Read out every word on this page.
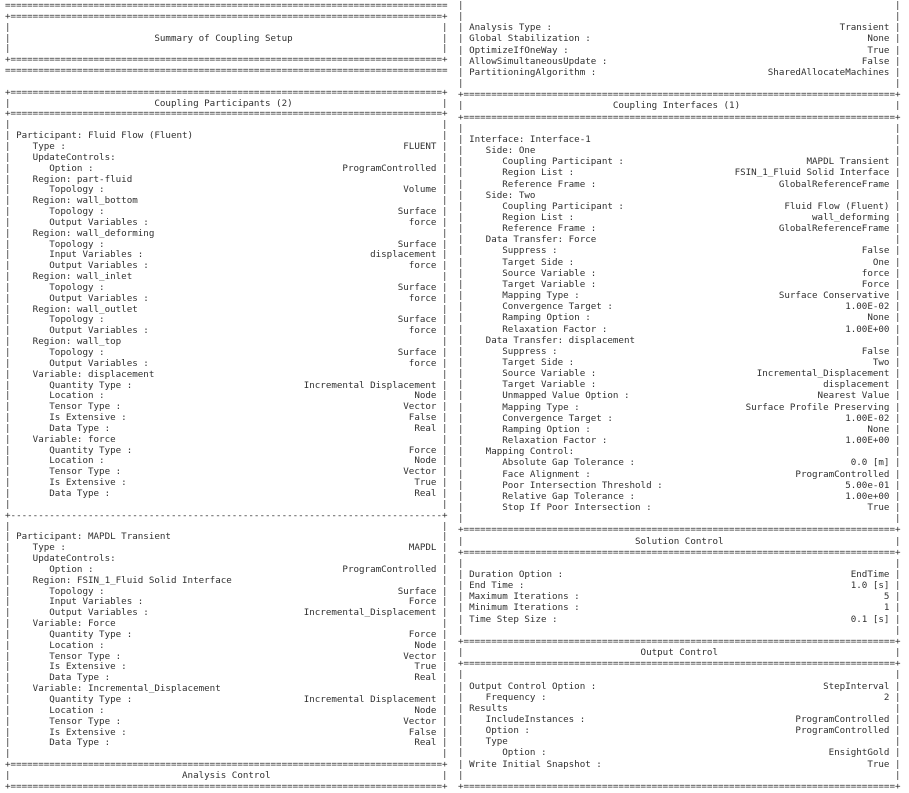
================================================================================
+==============================================================================+
|                                                                              |
|                          Summary of Coupling Setup                           |
|                                                                              |
+==============================================================================+
================================================================================

+==============================================================================+
|                          Coupling Participants (2)                           |
+==============================================================================+
|                                                                              |
| Participant: Fluid Flow (Fluent)                                             |
|    Type :                                                             FLUENT |
|    UpdateControls:                                                           |
|       Option :                                             ProgramControlled |
|    Region: part-fluid                                                        |
|       Topology :                                                      Volume |
|    Region: wall_bottom                                                       |
|       Topology :                                                     Surface |
|       Output Variables :                                               force |
|    Region: wall_deforming                                                    |
|       Topology :                                                     Surface |
|       Input Variables :                                         displacement |
|       Output Variables :                                               force |
|    Region: wall_inlet                                                        |
|       Topology :                                                     Surface |
|       Output Variables :                                               force |
|    Region: wall_outlet                                                       |
|       Topology :                                                     Surface |
|       Output Variables :                                               force |
|    Region: wall_top                                                          |
|       Topology :                                                     Surface |
|       Output Variables :                                               force |
|    Variable: displacement                                                    |
|       Quantity Type :                               Incremental Displacement |
|       Location :                                                        Node |
|       Tensor Type :                                                   Vector |
|       Is Extensive :                                                   False |
|       Data Type :                                                       Real |
|    Variable: force                                                           |
|       Quantity Type :                                                  Force |
|       Location :                                                        Node |
|       Tensor Type :                                                   Vector |
|       Is Extensive :                                                    True |
|       Data Type :                                                       Real |
|                                                                              |
+------------------------------------------------------------------------------+
|                                                                              |
| Participant: MAPDL Transient                                                 |
|    Type :                                                              MAPDL |
|    UpdateControls:                                                           |
|       Option :                                             ProgramControlled |
|    Region: FSIN_1_Fluid Solid Interface                                      |
|       Topology :                                                     Surface |
|       Input Variables :                                                Force |
|       Output Variables :                            Incremental_Displacement |
|    Variable: Force                                                           |
|       Quantity Type :                                                  Force |
|       Location :                                                        Node |
|       Tensor Type :                                                   Vector |
|       Is Extensive :                                                    True |
|       Data Type :                                                       Real |
|    Variable: Incremental_Displacement                                        |
|       Quantity Type :                               Incremental Displacement |
|       Location :                                                        Node |
|       Tensor Type :                                                   Vector |
|       Is Extensive :                                                   False |
|       Data Type :                                                       Real |
|                                                                              |
+==============================================================================+
|                               Analysis Control                               |
+==============================================================================+
|                                                                              |
|                                                                              |
| Analysis Type :                                                    Transient |
| Global Stabilization :                                                  None |
| OptimizeIfOneWay :                                                      True |
| AllowSimultaneousUpdate :                                              False |
| PartitioningAlgorithm :                               SharedAllocateMachines |
|                                                                              |
+==============================================================================+
|                           Coupling Interfaces (1)                            |
+==============================================================================+
|                                                                              |
| Interface: Interface-1                                                       |
|    Side: One                                                                 |
|       Coupling Participant :                                 MAPDL Transient |
|       Region List :                             FSIN_1_Fluid Solid Interface |
|       Reference Frame :                                 GlobalReferenceFrame |
|    Side: Two                                                                 |
|       Coupling Participant :                             Fluid Flow (Fluent) |
|       Region List :                                           wall_deforming |
|       Reference Frame :                                 GlobalReferenceFrame |
|    Data Transfer: Force                                                      |
|       Suppress :                                                       False |
|       Target Side :                                                      One |
|       Source Variable :                                                force |
|       Target Variable :                                                Force |
|       Mapping Type :                                    Surface Conservative |
|       Convergence Target :                                          1.00E-02 |
|       Ramping Option :                                                  None |
|       Relaxation Factor :                                           1.00E+00 |
|    Data Transfer: displacement                                               |
|       Suppress :                                                       False |
|       Target Side :                                                      Two |
|       Source Variable :                             Incremental_Displacement |
|       Target Variable :                                         displacement |
|       Unmapped Value Option :                                  Nearest Value |
|       Mapping Type :                              Surface Profile Preserving |
|       Convergence Target :                                          1.00E-02 |
|       Ramping Option :                                                  None |
|       Relaxation Factor :                                           1.00E+00 |
|    Mapping Control:                                                          |
|       Absolute Gap Tolerance :                                       0.0 [m] |
|       Face Alignment :                                     ProgramControlled |
|       Poor Intersection Threshold :                                 5.00e-01 |
|       Relative Gap Tolerance :                                      1.00e+00 |
|       Stop If Poor Intersection :                                       True |
|                                                                              |
+==============================================================================+
|                               Solution Control                               |
+==============================================================================+
|                                                                              |
| Duration Option :                                                    EndTime |
| End Time :                                                           1.0 [s] |
| Maximum Iterations :                                                       5 |
| Minimum Iterations :                                                       1 |
| Time Step Size :                                                     0.1 [s] |
|                                                                              |
+==============================================================================+
|                                Output Control                                |
+==============================================================================+
|                                                                              |
| Output Control Option :                                         StepInterval |
|    Frequency :                                                             2 |
| Results                                                                      |
|    IncludeInstances :                                      ProgramControlled |
|    Option :                                                ProgramControlled |
|    Type                                                                      |
|       Option :                                                   EnsightGold |
| Write Initial Snapshot :                                                True |
|                                                                              |
+==============================================================================+
